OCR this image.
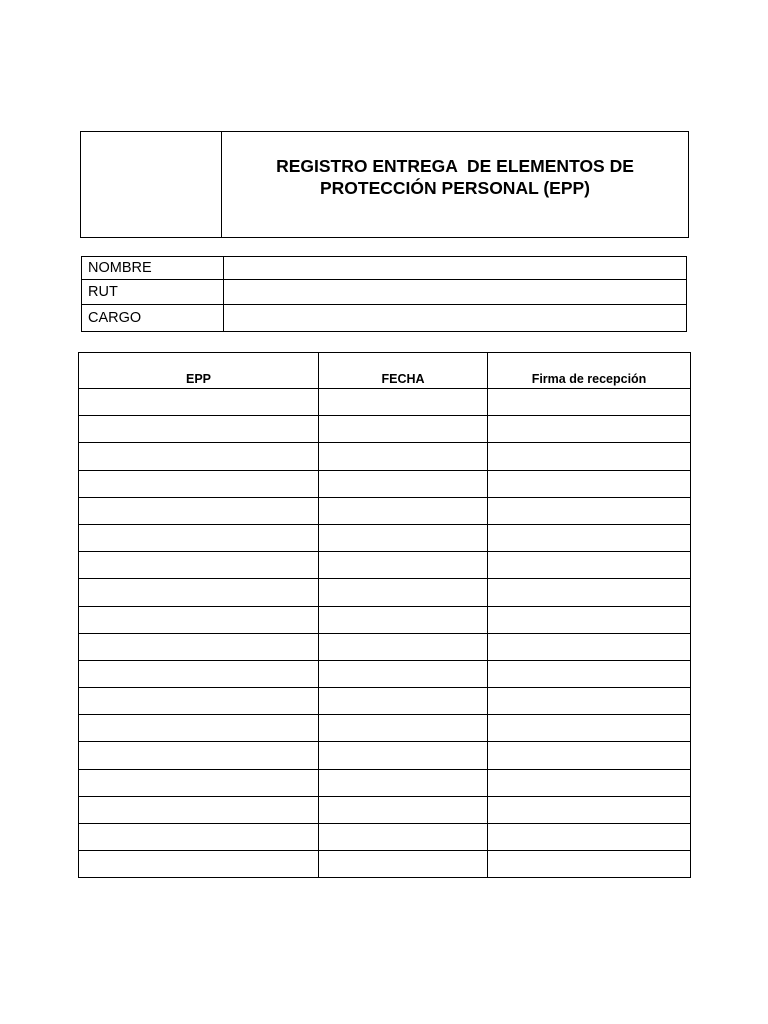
REGISTRO ENTREGA  DE ELEMENTOS DE
PROTECCIÓN PERSONAL (EPP)
NOMBRE	
RUT	
CARGO	
EPP	FECHA	Firma de recepción
